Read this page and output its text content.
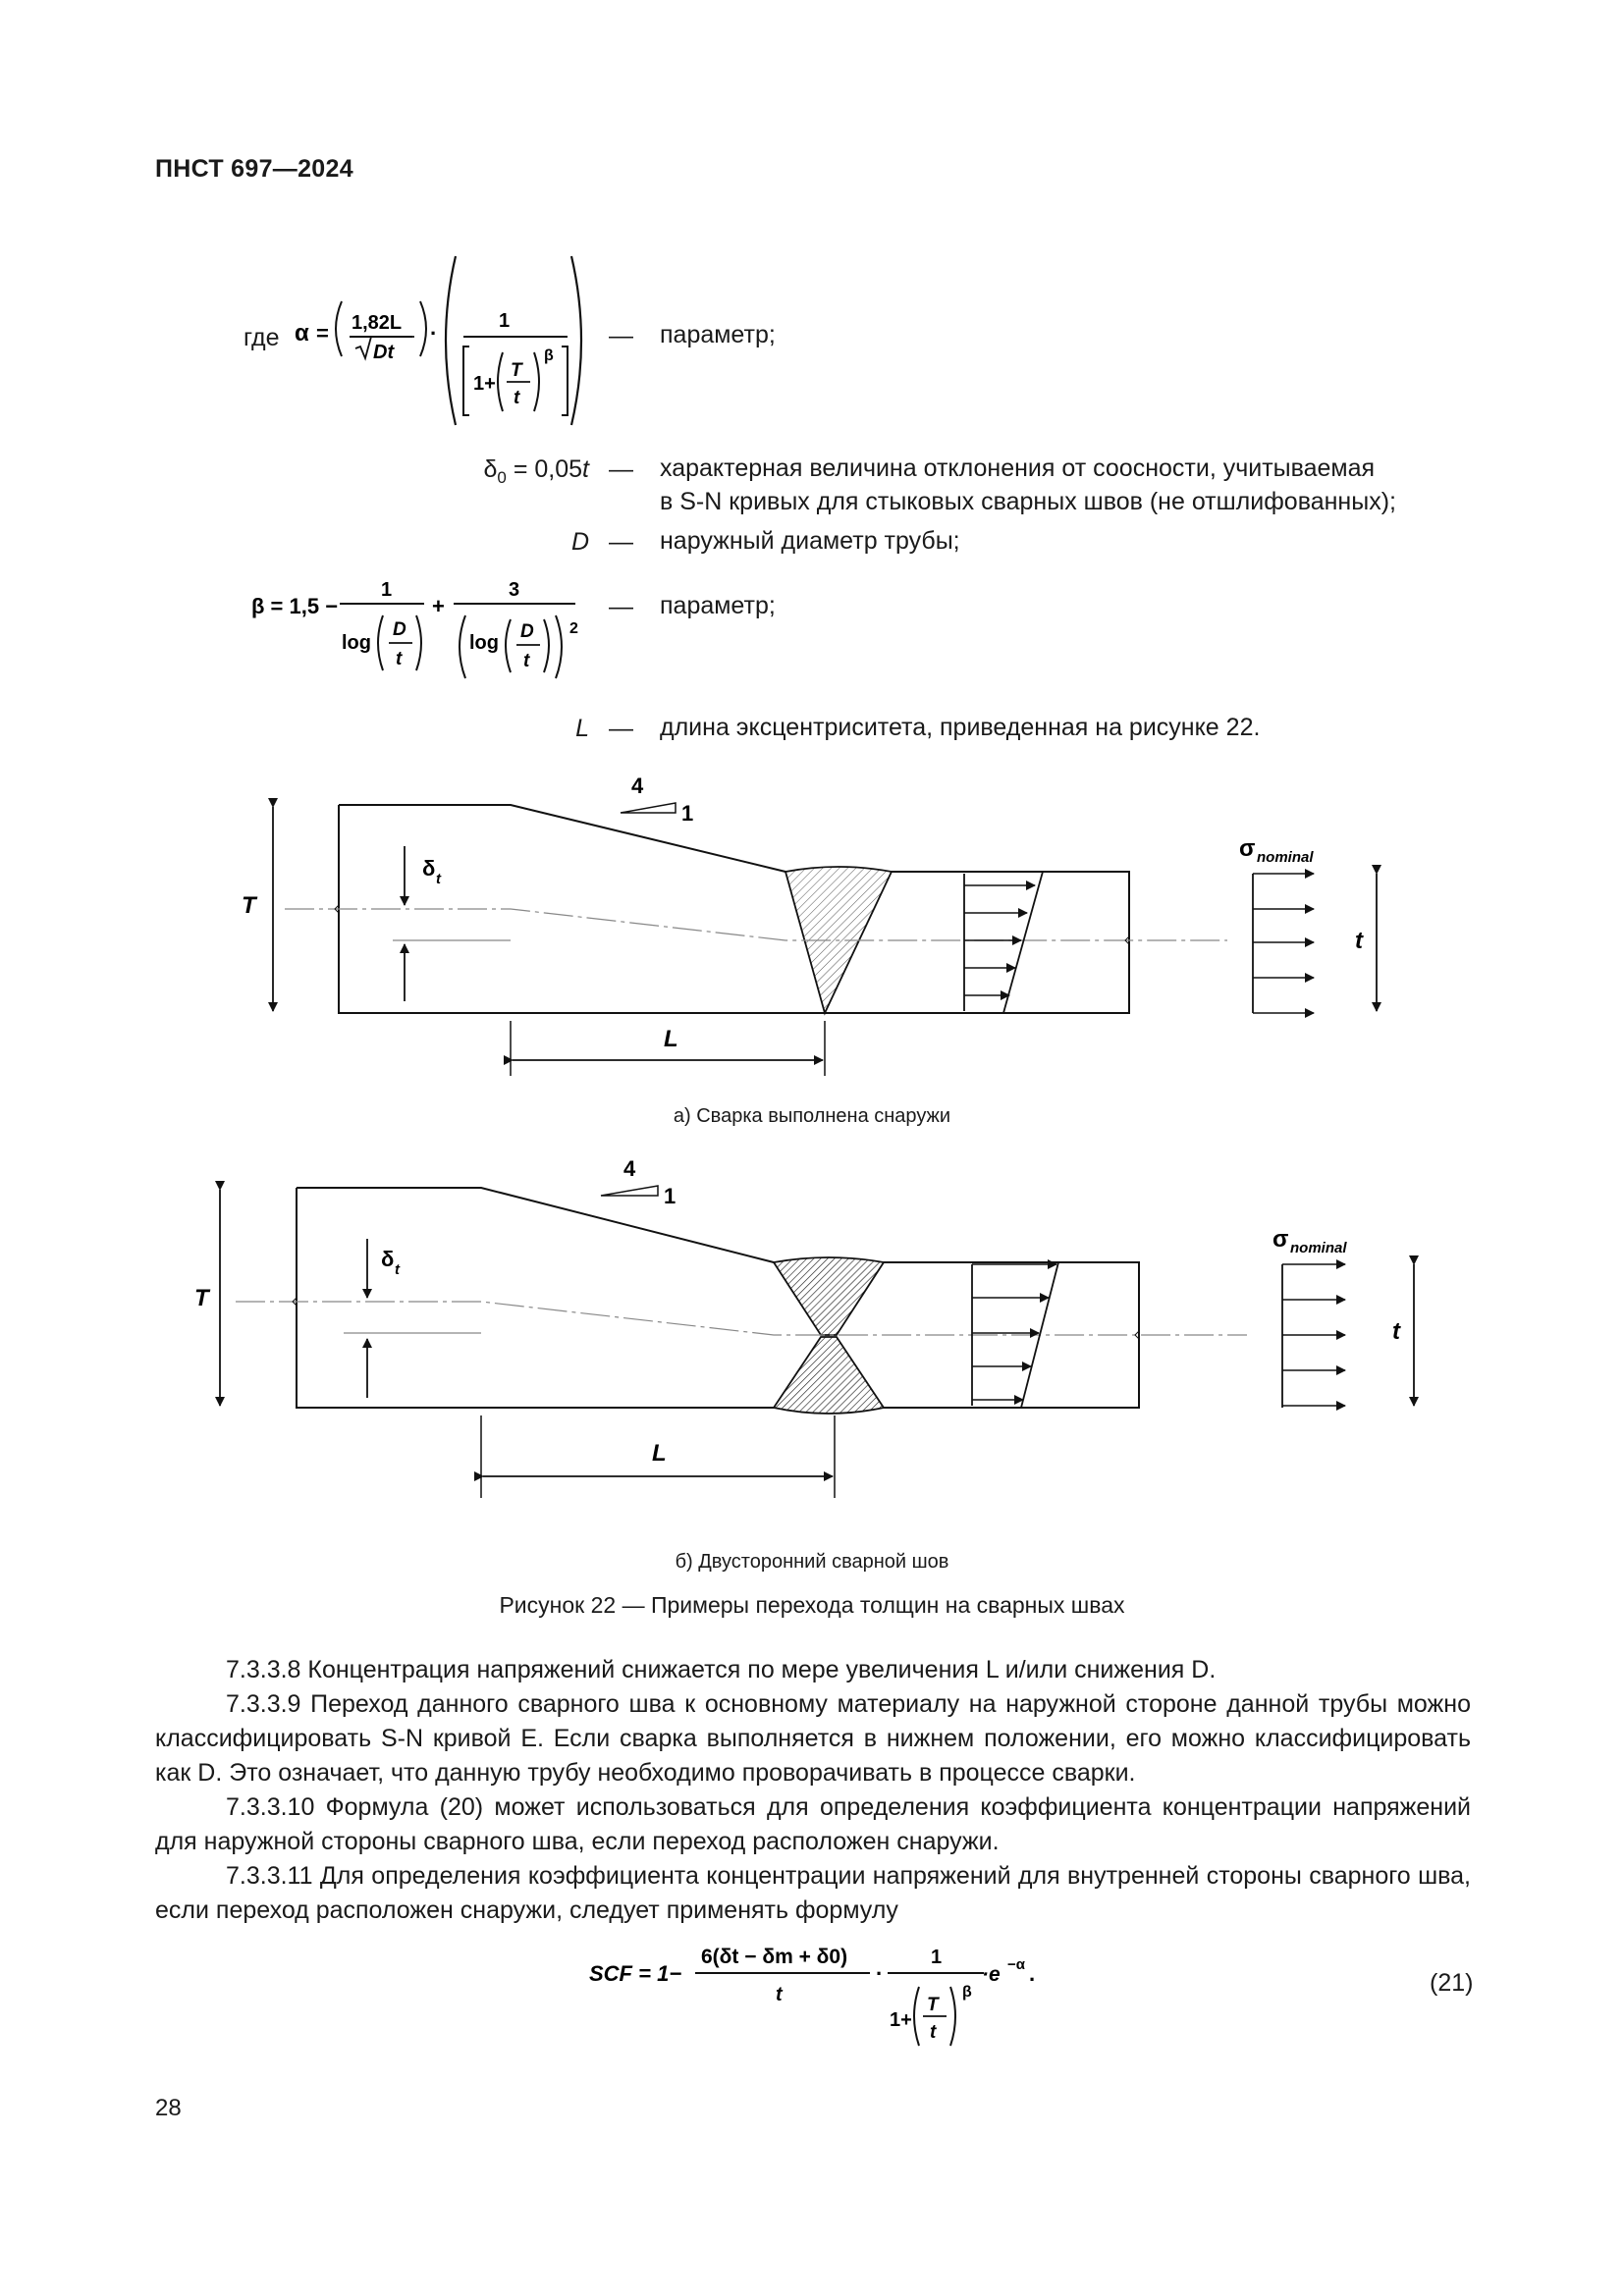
ПНСТ 697—2024
где α = 1,82L
Dt
·	1
1+
T
t
β
— параметр;
$\delta_0 = 0,05t$ — характерная величина отклонения от соосности, учитываемая
в S-N кривых для стыковых сварных швов (не отшлифованных);
D — наружный диаметр трубы;
β = 1,5 −
1
log
D
t
+
3
log
D
t
2
— параметр;
L — длина эксцентриситета, приведенная на рисунке 22.
4
1
T
δ t
σ nominal
t
L
а) Сварка выполнена снаружи
4
1
T
δ t
σ nominal
t
L
б) Двусторонний сварной шов
Рисунок 22 — Примеры перехода толщин на сварных швах

7.3.3.8 Концентрация напряжений снижается по мере увеличения L и/или снижения D.

7.3.3.9 Переход данного сварного шва к основному материалу на наружной стороне данной трубы можно классифицировать S-N кривой E. Если сварка выполняется в нижнем положении, его можно классифицировать как D. Это означает, что данную трубу необходимо проворачивать в процессе сварки.

7.3.3.10 Формула (20) может использоваться для определения коэффициента концентрации напряжений для наружной стороны сварного шва, если переход расположен снаружи.

7.3.3.11 Для определения коэффициента концентрации напряжений для внутренней стороны сварного шва, если переход расположен снаружи, следует применять формулу

SCF = 1−
6(δt − δm + δ0)
t
·
1
1+
T
t
β
·e −α .	(21)
28
